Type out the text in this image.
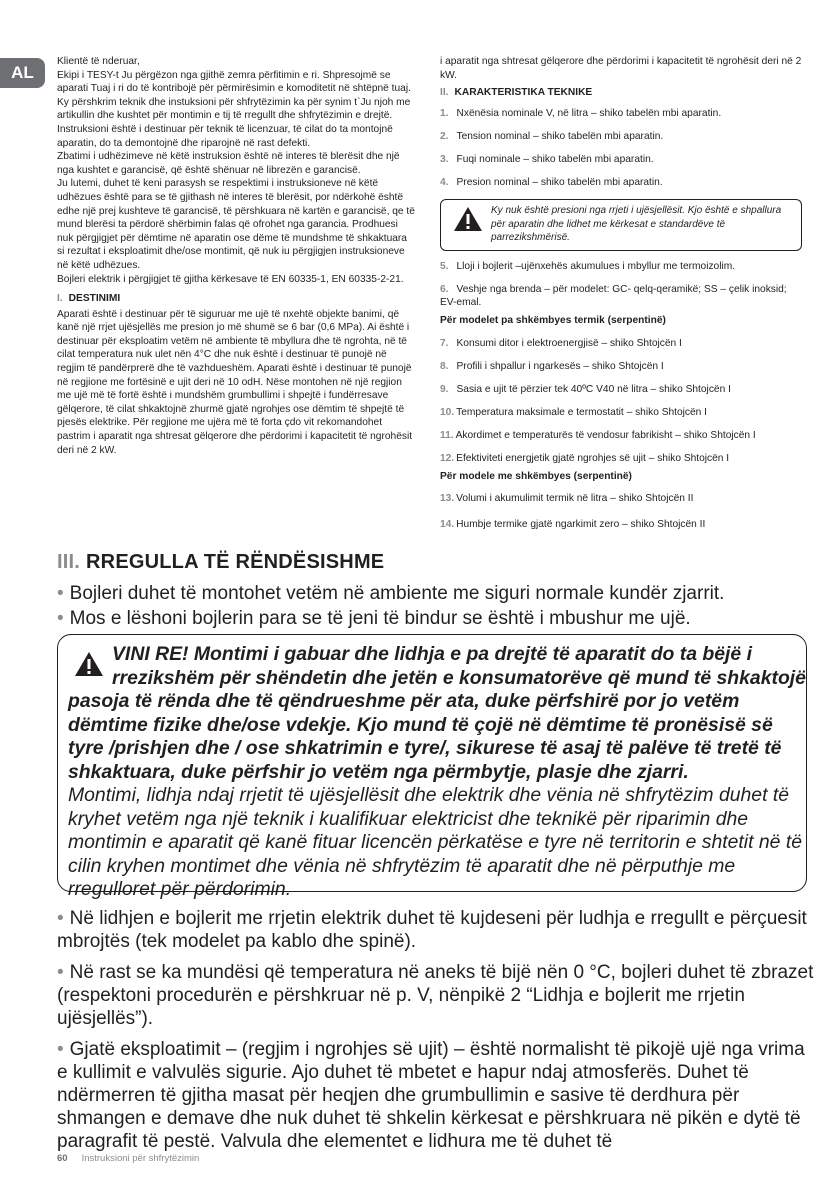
AL

Klientë të nderuar,

Ekipi i TESY-t Ju përgëzon nga gjithë zemra përfitimin e ri. Shpresojmë se aparati Tuaj i ri do të kontribojë për përmirësimin e komoditetit në shtëpnë tuaj.

Ky përshkrim teknik dhe instuksioni për shfrytëzimin ka për synim t`Ju njoh me artikullin dhe kushtet për montimin e tij të rregullt dhe shfrytëzimin e drejtë. Instruksioni është i destinuar për teknik të licenzuar, të cilat do ta montojnë aparatin, do ta demontojnë dhe riparojnë në rast defekti.

Zbatimi i udhëzimeve në këtë instruksion është në interes të blerësit dhe një nga kushtet e garancisë, që është shënuar në librezën e garancisë.

Ju lutemi, duhet të keni parasysh se respektimi i instruksioneve në këtë udhëzues është para se të gjithash në interes të blerësit, por ndërkohë është edhe një prej kushteve të garancisë, të përshkuara në kartën e garancisë, qe të mund blerësi ta përdorë shërbimin falas që ofrohet nga garancia. Prodhuesi nuk përgjigjet për dëmtime në aparatin ose dëme të mundshme të shkaktuara si rezultat i eksploatimit dhe/ose montimit, që nuk iu përgjigjen instruksioneve në këtë udhëzues.

Bojleri elektrik i përgjigjet të gjitha kërkesave të EN 60335-1, EN 60335-2-21.

I. DESTINIMI

Aparati është i destinuar për të siguruar me ujë të nxehtë objekte banimi, që kanë një rrjet ujësjellës me presion jo më shumë se 6 bar (0,6 MPa). Ai është i destinuar për eksploatim vetëm në ambiente të mbyllura dhe të ngrohta, në të cilat temperatura nuk ulet nën 4°C dhe nuk është i destinuar të punojë në regjim të pandërprerë dhe të vazhdueshëm. Aparati është i destinuar të punojë në regjione me fortësinë e ujit deri në 10 odH. Nëse montohen në një regjion me ujë më të fortë është i mundshëm grumbullimi i shpejtë i fundërresave gëlqerore, të cilat shkaktojnë zhurmë gjatë ngrohjes ose dëmtim të shpejtë të pjesës elektrike. Për regjione me ujëra më të forta çdo vit rekomandohet pastrim i aparatit nga shtresat gëlqerore dhe përdorimi i kapacitetit të ngrohësit deri në 2 kW.

i aparatit nga shtresat gëlqerore dhe përdorimi i kapacitetit të ngrohësit deri në 2 kW.

II. KARAKTERISTIKA TEKNIKE
1. Nxënësia nominale V, në litra – shiko tabelën mbi aparatin.
2. Tension nominal – shiko tabelën mbi aparatin.
3. Fuqi nominale – shiko tabelën mbi aparatin.
4. Presion nominal – shiko tabelën mbi aparatin.
Ky nuk është presioni nga rrjeti i ujësjellësit. Kjo është e shpallura për aparatin dhe lidhet me kërkesat e standardëve të parrezikshmërisë.
5. Lloji i bojlerit –ujënxehës akumulues i mbyllur me termoizolim.
6. Veshje nga brenda – për modelet: GC- qelq-qeramikë; SS – çelik inoksid; EV-emal.
Për modelet pa shkëmbyes termik (serpentinë)
7. Konsumi ditor i elektroenergjisë – shiko Shtojcën I
8. Profili i shpallur i ngarkesës – shiko Shtojcën I
9. Sasia e ujit të përzier tek 40ºC V40 në litra – shiko Shtojcën I
10. Temperatura maksimale e termostatit – shiko Shtojcën I
11. Akordimet e temperaturës të vendosur fabrikisht – shiko Shtojcën I
12. Efektiviteti energjetik gjatë ngrohjes së ujit – shiko Shtojcën I
Për modele me shkëmbyes (serpentinë)
13. Volumi i akumulimit termik në litra – shiko Shtojcën II
14. Humbje termike gjatë ngarkimit zero – shiko Shtojcën II
III. RREGULLA TË RËNDËSISHME
• Bojleri duhet të montohet vetëm në ambiente me siguri normale kundër zjarrit.
• Mos e lëshoni bojlerin para se të jeni të bindur se është i mbushur me ujë.
VINI RE! Montimi i gabuar dhe lidhja e pa drejtë të aparatit do ta bëjë i rrezikshëm për shëndetin dhe jetën e konsumatorëve që mund të shkaktojë pasoja të rënda dhe të qëndrueshme për ata, duke përfshirë por jo vetëm dëmtime fizike dhe/ose vdekje. Kjo mund të çojë në dëmtime të pronësisë së tyre /prishjen dhe / ose shkatrimin e tyre/, sikurese të asaj të palëve të tretë të shkaktuara, duke përfshir jo vetëm nga përmbytje, plasje dhe zjarri.
Montimi, lidhja ndaj rrjetit të ujësjellësit dhe elektrik dhe vënia në shfrytëzim duhet të kryhet vetëm nga një teknik i kualifikuar elektricist dhe teknikë për riparimin dhe montimin e aparatit që kanë fituar licencën përkatëse e tyre në territorin e shtetit në të cilin kryhen montimet dhe vënia në shfrytëzim të aparatit dhe në përputhje me rregulloret për përdorimin.
• Në lidhjen e bojlerit me rrjetin elektrik duhet të kujdeseni për ludhja e rregullt e përçuesit mbrojtës (tek modelet pa kablo dhe spinë).
• Në rast se ka mundësi që temperatura në aneks të bijë nën 0 °C, bojleri duhet të zbrazet (respektoni procedurën e përshkruar në p. V, nënpikë 2 “Lidhja e bojlerit me rrjetin ujësjellës”).
• Gjatë eksploatimit – (regjim i ngrohjes së ujit) – është normalisht të pikojë ujë nga vrima e kullimit e valvulës sigurie. Ajo duhet të mbetet e hapur ndaj atmosferës. Duhet të ndërmerren të gjitha masat për heqjen dhe grumbullimin e sasive të derdhura për shmangen e demave dhe nuk duhet të shkelin kërkesat e përshkruara në pikën e dytë të paragrafit të pestë. Valvula dhe elementet e lidhura me të duhet të
60 Instruksioni për shfrytëzimin
